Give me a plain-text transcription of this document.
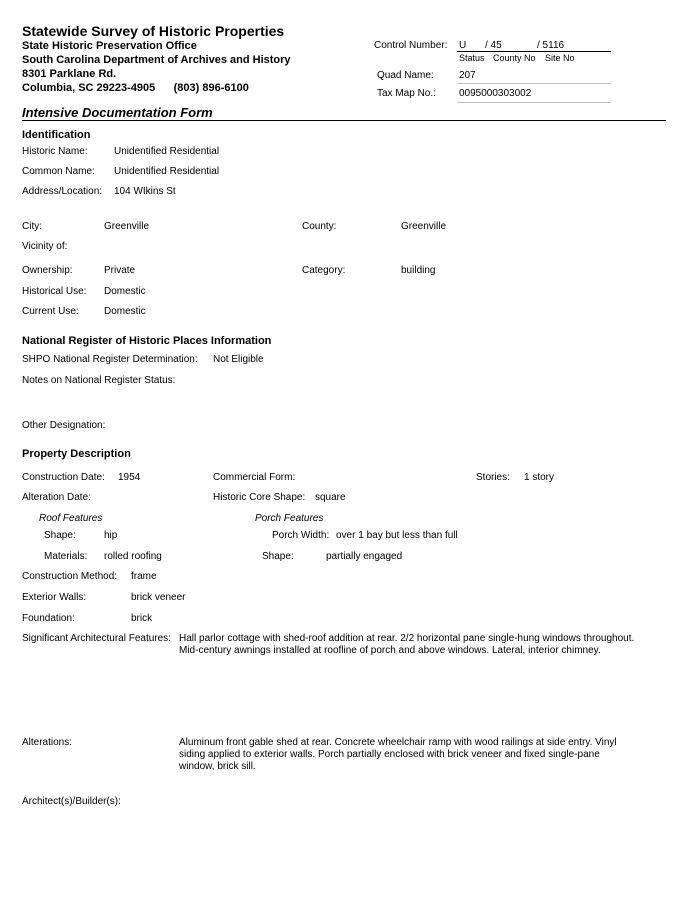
Statewide Survey of Historic Properties
State Historic Preservation Office
South Carolina Department of Archives and History
8301 Parklane Rd.
Columbia, SC 29223-4905      (803) 896-6100
Control Number: U / 45	/ 5116
Status County No Site No
Quad Name:	207
Tax Map No.: 0095000303002
Intensive Documentation Form
Identification
Historic Name:	Unidentified Residential
Common Name: Unidentified Residential
Address/Location: 104 WIkins St
City:	Greenville	County:	Greenville
Vicinity of:
Ownership:	Private	Category:	building
Historical Use: Domestic
Current Use:	Domestic
National Register of Historic Places Information
SHPO National Register Determination: Not Eligible
Notes on National Register Status:
Other Designation:
Property Description
Construction Date: 1954	Commercial Form:	Stories: 1 story
Alteration Date:	Historic Core Shape: square
Roof Features	Porch Features
Shape:	hip	Porch Width: over 1 bay but less than full
Materials: rolled roofing	Shape:	partially engaged
Construction Method: frame
Exterior Walls:	brick veneer
Foundation:	brick
Significant Architectural Features: Hall parlor cottage with shed-roof addition at rear. 2/2 horizontal pane single-hung windows throughout. Mid-century awnings installed at roofline of porch and above windows. Lateral, interior chimney.
Alterations:	Aluminum front gable shed at rear. Concrete wheelchair ramp with wood railings at side entry. Vinyl siding applied to exterior walls. Porch partially enclosed with brick veneer and fixed single-pane window, brick sill.
Architect(s)/Builder(s):
